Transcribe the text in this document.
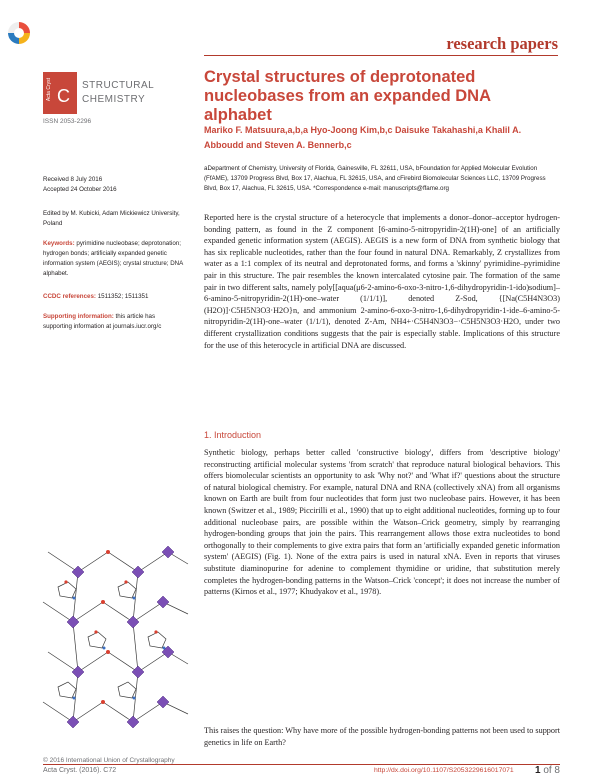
research papers
Acta Cryst C
STRUCTURAL
CHEMISTRY
ISSN 2053-2296
Crystal structures of deprotonated nucleobases from an expanded DNA alphabet
Mariko F. Matsuura,a,b,a Hyo-Joong Kim,b,c Daisuke Takahashi,a Khalil A. Abboudd and Steven A. Bennerb,c
aDepartment of Chemistry, University of Florida, Gainesville, FL 32611, USA, bFoundation for Applied Molecular Evolution (FfAME), 13709 Progress Blvd, Box 17, Alachua, FL 32615, USA, and cFirebird Biomolecular Sciences LLC, 13709 Progress Blvd, Box 17, Alachua, FL 32615, USA. *Correspondence e-mail: manuscripts@ffame.org
Received 8 July 2016
Accepted 24 October 2016
Edited by M. Kubicki, Adam Mickiewicz University, Poland
Keywords: pyrimidine nucleobase; deprotonation; hydrogen bonds; artificially expanded genetic information system (AEGIS); crystal structure; DNA alphabet.
CCDC references: 1511352; 1511351
Supporting information: this article has supporting information at journals.iucr.org/c
Reported here is the crystal structure of a heterocycle that implements a donor–donor–acceptor hydrogen-bonding pattern, as found in the Z component [6-amino-5-nitropyridin-2(1H)-one] of an artificially expanded genetic information system (AEGIS). AEGIS is a new form of DNA from synthetic biology that has six replicable nucleotides, rather than the four found in natural DNA. Remarkably, Z crystallizes from water as a 1:1 complex of its neutral and deprotonated forms, and forms a 'skinny' pyrimidine–pyrimidine pair in this structure. The pair resembles the known intercalated cytosine pair. The formation of the same pair in two different salts, namely poly[[aqua(μ6-2-amino-6-oxo-3-nitro-1,6-dihydropyridin-1-ido)sodium]–6-amino-5-nitropyridin-2(1H)-one–water (1/1/1)], denoted Z-Sod, {[Na(C5H4N3O3)(H2O)]·C5H5N3O3·H2O}n, and ammonium 2-amino-6-oxo-3-nitro-1,6-dihydropyridin-1-ide–6-amino-5-nitropyridin-2(1H)-one–water (1/1/1), denoted Z-Am, NH4+·C5H4N3O3−·C5H5N3O3·H2O, under two different crystallization conditions suggests that the pair is especially stable. Implications of this structure for the use of this heterocycle in artificial DNA are discussed.
1. Introduction
Synthetic biology, perhaps better called 'constructive biology', differs from 'descriptive biology' reconstructing artificial molecular systems 'from scratch' that reproduce natural biological behaviors. This offers biomolecular scientists an opportunity to ask 'Why not?' and 'What if?' questions about the structure of natural biological chemistry. For example, natural DNA and RNA (collectively xNA) from all organisms known on Earth are built from four nucleotides that form just two nucleobase pairs. However, it has been known (Switzer et al., 1989; Piccirilli et al., 1990) that up to eight additional nucleotides, forming up to four additional nucleobase pairs, are possible within the Watson–Crick geometry, simply by rearranging hydrogen-bonding groups that join the pairs. This rearrangement allows those extra nucleotides to bond orthogonally to their complements to give extra pairs that form an 'artificially expanded genetic information system' (AEGIS) (Fig. 1). None of the extra pairs is used in natural xNA. Even in reports that viruses substitute diaminopurine for adenine to complement thymidine or uridine, that substitution merely completes the hydrogen-bonding patterns in the Watson–Crick 'concept'; it does not increase the number of patterns (Kirnos et al., 1977; Khudyakov et al., 1978).
This raises the question: Why have more of the possible hydrogen-bonding patterns not been used to support genetics in life on Earth?
© 2016 International Union of Crystallography
Acta Cryst. (2016). C72	http://dx.doi.org/10.1107/S2053229616017071 1 of 8
